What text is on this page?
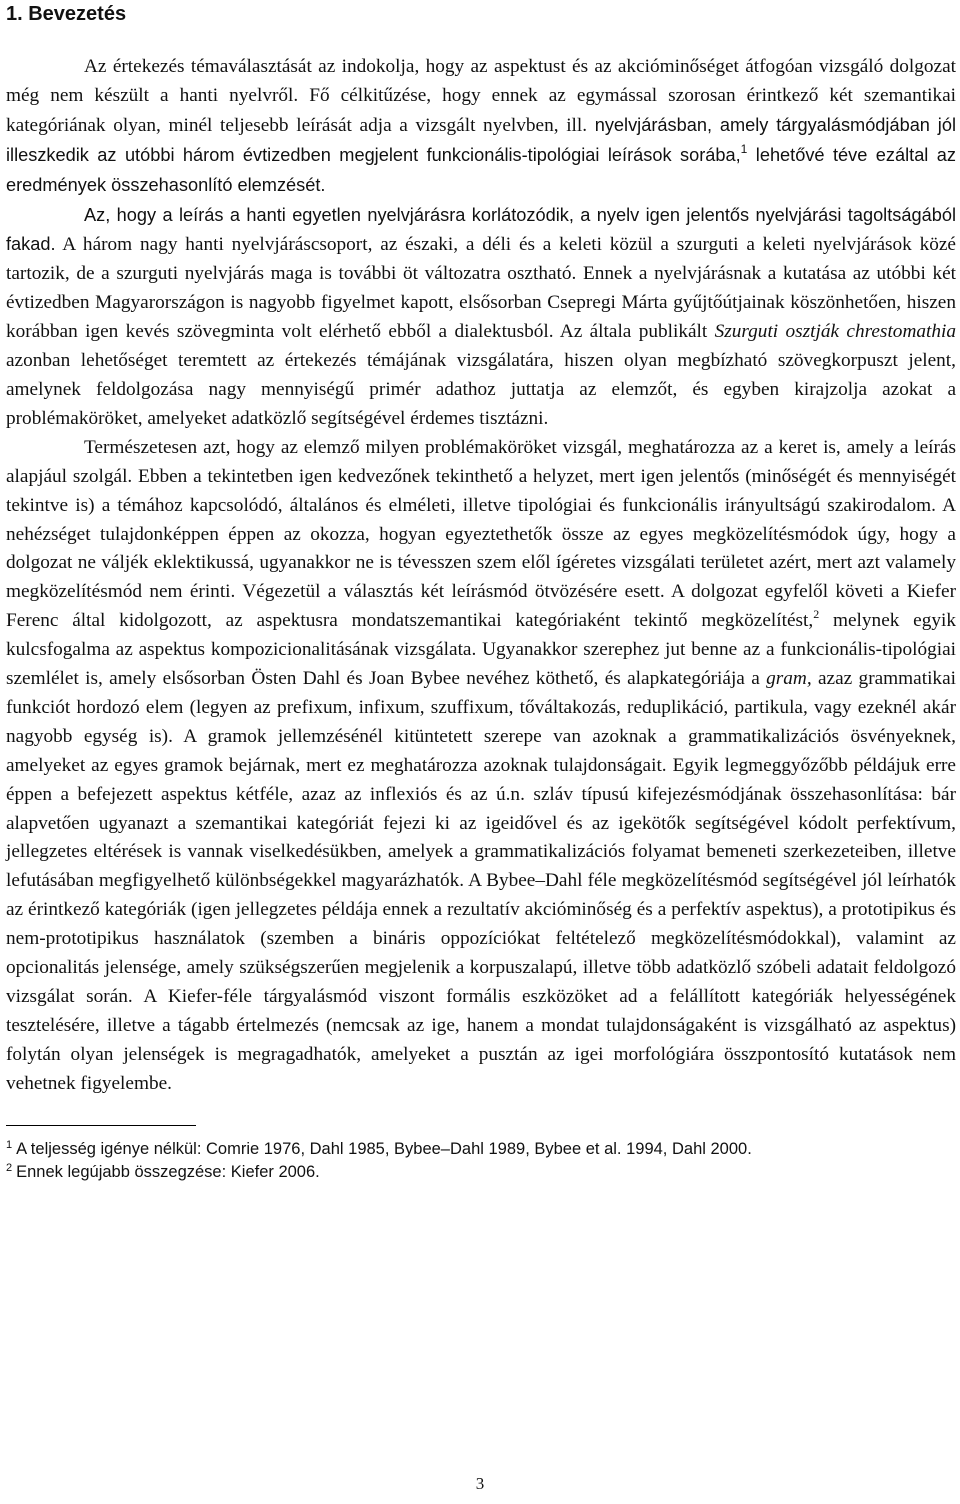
1. Bevezetés

Az értekezés témaválasztását az indokolja, hogy az aspektust és az akcióminőséget átfogóan vizsgáló dolgozat még nem készült a hanti nyelvről. Fő célkitűzése, hogy ennek az egymással szorosan érintkező két szemantikai kategóriának olyan, minél teljesebb leírását adja a vizsgált nyelvben, ill. nyelvjárásban, amely tárgyalásmódjában jól illeszkedik az utóbbi három évtizedben megjelent funkcionális-tipológiai leírások sorába,$^1$ lehetővé téve ezáltal az eredmények összehasonlító elemzését.

Az, hogy a leírás a hanti egyetlen nyelvjárásra korlátozódik, a nyelv igen jelentős nyelvjárási tagoltságából fakad. A három nagy hanti nyelvjáráscsoport, az északi, a déli és a keleti közül a szurguti a keleti nyelvjárások közé tartozik, de a szurguti nyelvjárás maga is további öt változatra osztható. Ennek a nyelvjárásnak a kutatása az utóbbi két évtizedben Magyarországon is nagyobb figyelmet kapott, elsősorban Csepregi Márta gyűjtőútjainak köszönhetően, hiszen korábban igen kevés szövegminta volt elérhető ebből a dialektusból. Az általa publikált Szurguti osztják chrestomathia azonban lehetőséget teremtett az értekezés témájának vizsgálatára, hiszen olyan megbízható szövegkorpuszt jelent, amelynek feldolgozása nagy mennyiségű primér adathoz juttatja az elemzőt, és egyben kirajzolja azokat a problémaköröket, amelyeket adatközlő segítségével érdemes tisztázni.

Természetesen azt, hogy az elemző milyen problémaköröket vizsgál, meghatározza az a keret is, amely a leírás alapjául szolgál. Ebben a tekintetben igen kedvezőnek tekinthető a helyzet, mert igen jelentős (minőségét és mennyiségét tekintve is) a témához kapcsolódó, általános és elméleti, illetve tipológiai és funkcionális irányultságú szakirodalom. A nehézséget tulajdonképpen éppen az okozza, hogyan egyeztethetők össze az egyes megközelítésmódok úgy, hogy a dolgozat ne váljék eklektikussá, ugyanakkor ne is tévesszen szem elől ígéretes vizsgálati területet azért, mert azt valamely megközelítésmód nem érinti. Végezetül a választás két leírásmód ötvözésére esett. A dolgozat egyfelől követi a Kiefer Ferenc által kidolgozott, az aspektusra mondatszemantikai kategóriaként tekintő megközelítést,$^2$ melynek egyik kulcsfogalma az aspektus kompozicionalitásának vizsgálata. Ugyanakkor szerephez jut benne az a funkcionális-tipológiai szemlélet is, amely elsősorban Östen Dahl és Joan Bybee nevéhez köthető, és alapkategóriája a gram, azaz grammatikai funkciót hordozó elem (legyen az prefixum, infixum, szuffixum, tőváltakozás, reduplikáció, partikula, vagy ezeknél akár nagyobb egység is). A gramok jellemzésénél kitüntetett szerepe van azoknak a grammatikalizációs ösvényeknek, amelyeket az egyes gramok bejárnak, mert ez meghatározza azoknak tulajdonságait. Egyik legmeggyőzőbb példájuk erre éppen a befejezett aspektus kétféle, azaz az inflexiós és az ú.n. szláv típusú kifejezésmódjának összehasonlítása: bár alapvetően ugyanazt a szemantikai kategóriát fejezi ki az igeidővel és az igekötők segítségével kódolt perfektívum, jellegzetes eltérések is vannak viselkedésükben, amelyek a grammatikalizációs folyamat bemeneti szerkezeteiben, illetve lefutásában megfigyelhető különbségekkel magyarázhatók. A Bybee–Dahl féle megközelítésmód segítségével jól leírhatók az érintkező kategóriák (igen jellegzetes példája ennek a rezultatív akcióminőség és a perfektív aspektus), a prototipikus és nem-prototipikus használatok (szemben a bináris oppozíciókat feltételező megközelítésmódokkal), valamint az opcionalitás jelensége, amely szükségszerűen megjelenik a korpuszalapú, illetve több adatközlő szóbeli adatait feldolgozó vizsgálat során. A Kiefer-féle tárgyalásmód viszont formális eszközöket ad a felállított kategóriák helyességének tesztelésére, illetve a tágabb értelmezés (nemcsak az ige, hanem a mondat tulajdonságaként is vizsgálható az aspektus) folytán olyan jelenségek is megragadhatók, amelyeket a pusztán az igei morfológiára összpontosító kutatások nem vehetnek figyelembe.

$^1$ A teljesség igénye nélkül: Comrie 1976, Dahl 1985, Bybee–Dahl 1989, Bybee et al. 1994, Dahl 2000.
$^2$ Ennek legújabb összegzése: Kiefer 2006.
3
